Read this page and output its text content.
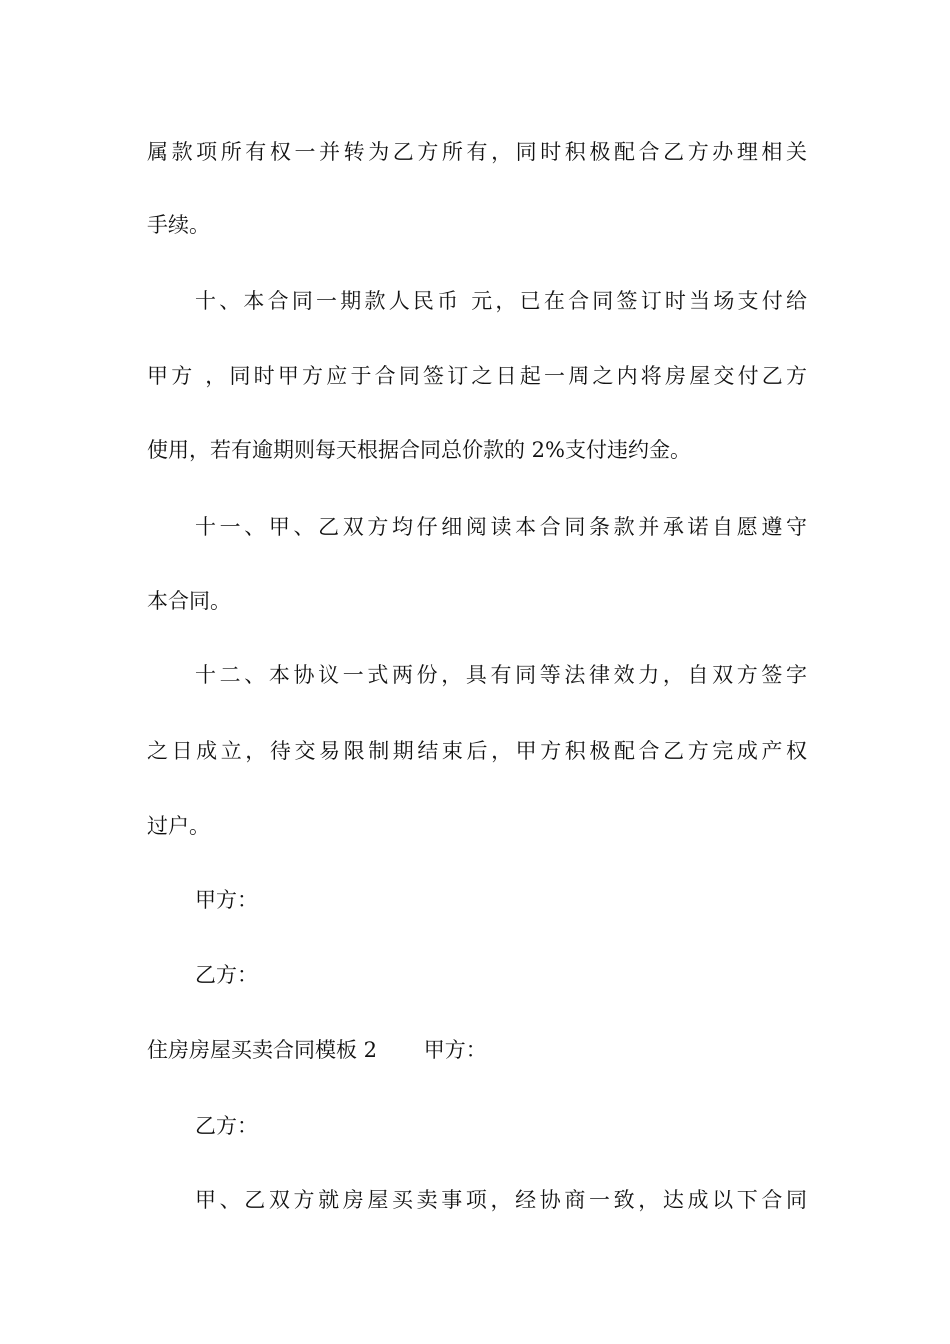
属款项所有权一并转为乙方所有，同时积极配合乙方办理相关
手续。
十、本合同一期款人民币 元，已在合同签订时当场支付给
甲方 ，同时甲方应于合同签订之日起一周之内将房屋交付乙方
使用，若有逾期则每天根据合同总价款的 2%支付违约金。
十一、甲、乙双方均仔细阅读本合同条款并承诺自愿遵守
本合同。
十二、本协议一式两份，具有同等法律效力，自双方签字
之日成立，待交易限制期结束后，甲方积极配合乙方完成产权
过户。
甲方：
乙方：
住房房屋买卖合同模板 2       甲方：
乙方：
甲、乙双方就房屋买卖事项，经协商一致，达成以下合同
